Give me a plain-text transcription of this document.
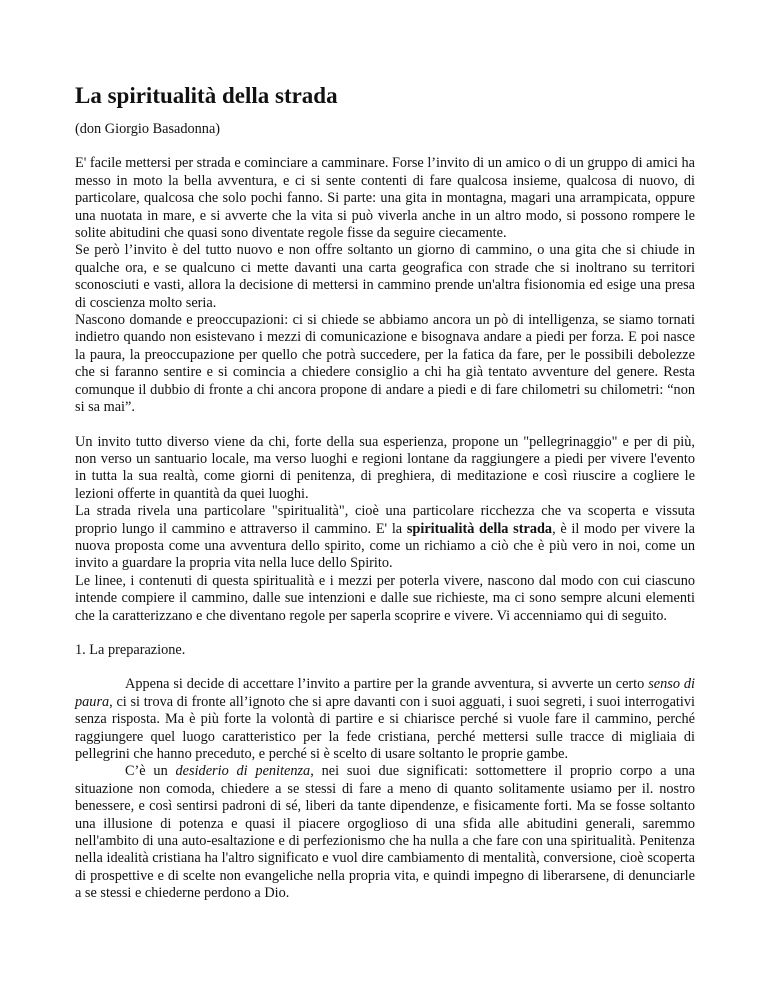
La spiritualità della strada

(don Giorgio Basadonna)

E' facile mettersi per strada e cominciare a camminare. Forse l’invito di un amico o di un gruppo di amici ha messo in moto la bella avventura, e ci si sente contenti di fare qualcosa insieme, qualcosa di nuovo, di particolare, qualcosa che solo pochi fanno. Si parte: una gita in montagna, magari una arrampicata, oppure una nuotata in mare, e si avverte che la vita si può viverla anche in un altro modo, si possono rompere le solite abitudini che quasi sono diventate regole fisse da seguire ciecamente.

Se però l’invito è del tutto nuovo e non offre soltanto un giorno di cammino, o una gita che si chiude in qualche ora, e se qualcuno ci mette davanti una carta geografica con strade che si inoltrano su territori sconosciuti e vasti, allora la decisione di mettersi in cammino prende un'altra fisionomia ed esige una presa di coscienza molto seria.

Nascono domande e preoccupazioni: ci si chiede se abbiamo ancora un pò di intelligenza, se siamo tornati indietro quando non esistevano i mezzi di comunicazione e bisognava andare a piedi per forza. E poi nasce la paura, la preoccupazione per quello che potrà succedere, per la fatica da fare, per le possibili debolezze che si faranno sentire e si comincia a chiedere consiglio a chi ha già tentato avventure del genere. Resta comunque il dubbio di fronte a chi ancora propone di andare a piedi e di fare chilometri su chilometri: “non si sa mai”.

Un invito tutto diverso viene da chi, forte della sua esperienza, propone un "pellegrinaggio" e per di più, non verso un santuario locale, ma verso luoghi e regioni lontane da raggiungere a piedi per vivere l'evento in tutta la sua realtà, come giorni di penitenza, di preghiera, di meditazione e così riuscire a cogliere le lezioni offerte in quantità da quei luoghi.

La strada rivela una particolare "spiritualità", cioè una particolare ricchezza che va scoperta e vissuta proprio lungo il cammino e attraverso il cammino. E' la spiritualità della strada, è il modo per vivere la nuova proposta come una avventura dello spirito, come un richiamo a ciò che è più vero in noi, come un invito a guardare la propria vita nella luce dello Spirito.

Le linee, i contenuti di questa spiritualità e i mezzi per poterla vivere, nascono dal modo con cui ciascuno intende compiere il cammino, dalle sue intenzioni e dalle sue richieste, ma ci sono sempre alcuni elementi che la caratterizzano e che diventano regole per saperla scoprire e vivere. Vi accenniamo qui di seguito.

1. La preparazione.

Appena si decide di accettare l’invito a partire per la grande avventura, si avverte un certo senso di paura, ci si trova di fronte all’ignoto che si apre davanti con i suoi agguati, i suoi segreti, i suoi interrogativi senza risposta. Ma è più forte la volontà di partire e si chiarisce perché si vuole fare il cammino, perché raggiungere quel luogo caratteristico per la fede cristiana, perché mettersi sulle tracce di migliaia di pellegrini che hanno preceduto, e perché si è scelto di usare soltanto le proprie gambe.

C’è un desiderio di penitenza, nei suoi due significati: sottomettere il proprio corpo a una situazione non comoda, chiedere a se stessi di fare a meno di quanto solitamente usiamo per il. nostro benessere, e così sentirsi padroni di sé, liberi da tante dipendenze, e fisicamente forti. Ma se fosse soltanto una illusione di potenza e quasi il piacere orgoglioso di una sfida alle abitudini generali, saremmo nell'ambito di una auto-esaltazione e di perfezionismo che ha nulla a che fare con una spiritualità. Penitenza nella idealità cristiana ha l'altro significato e vuol dire cambiamento di mentalità, conversione, cioè scoperta di prospettive e di scelte non evangeliche nella propria vita, e quindi impegno di liberarsene, di denunciarle a se stessi e chiederne perdono a Dio.
